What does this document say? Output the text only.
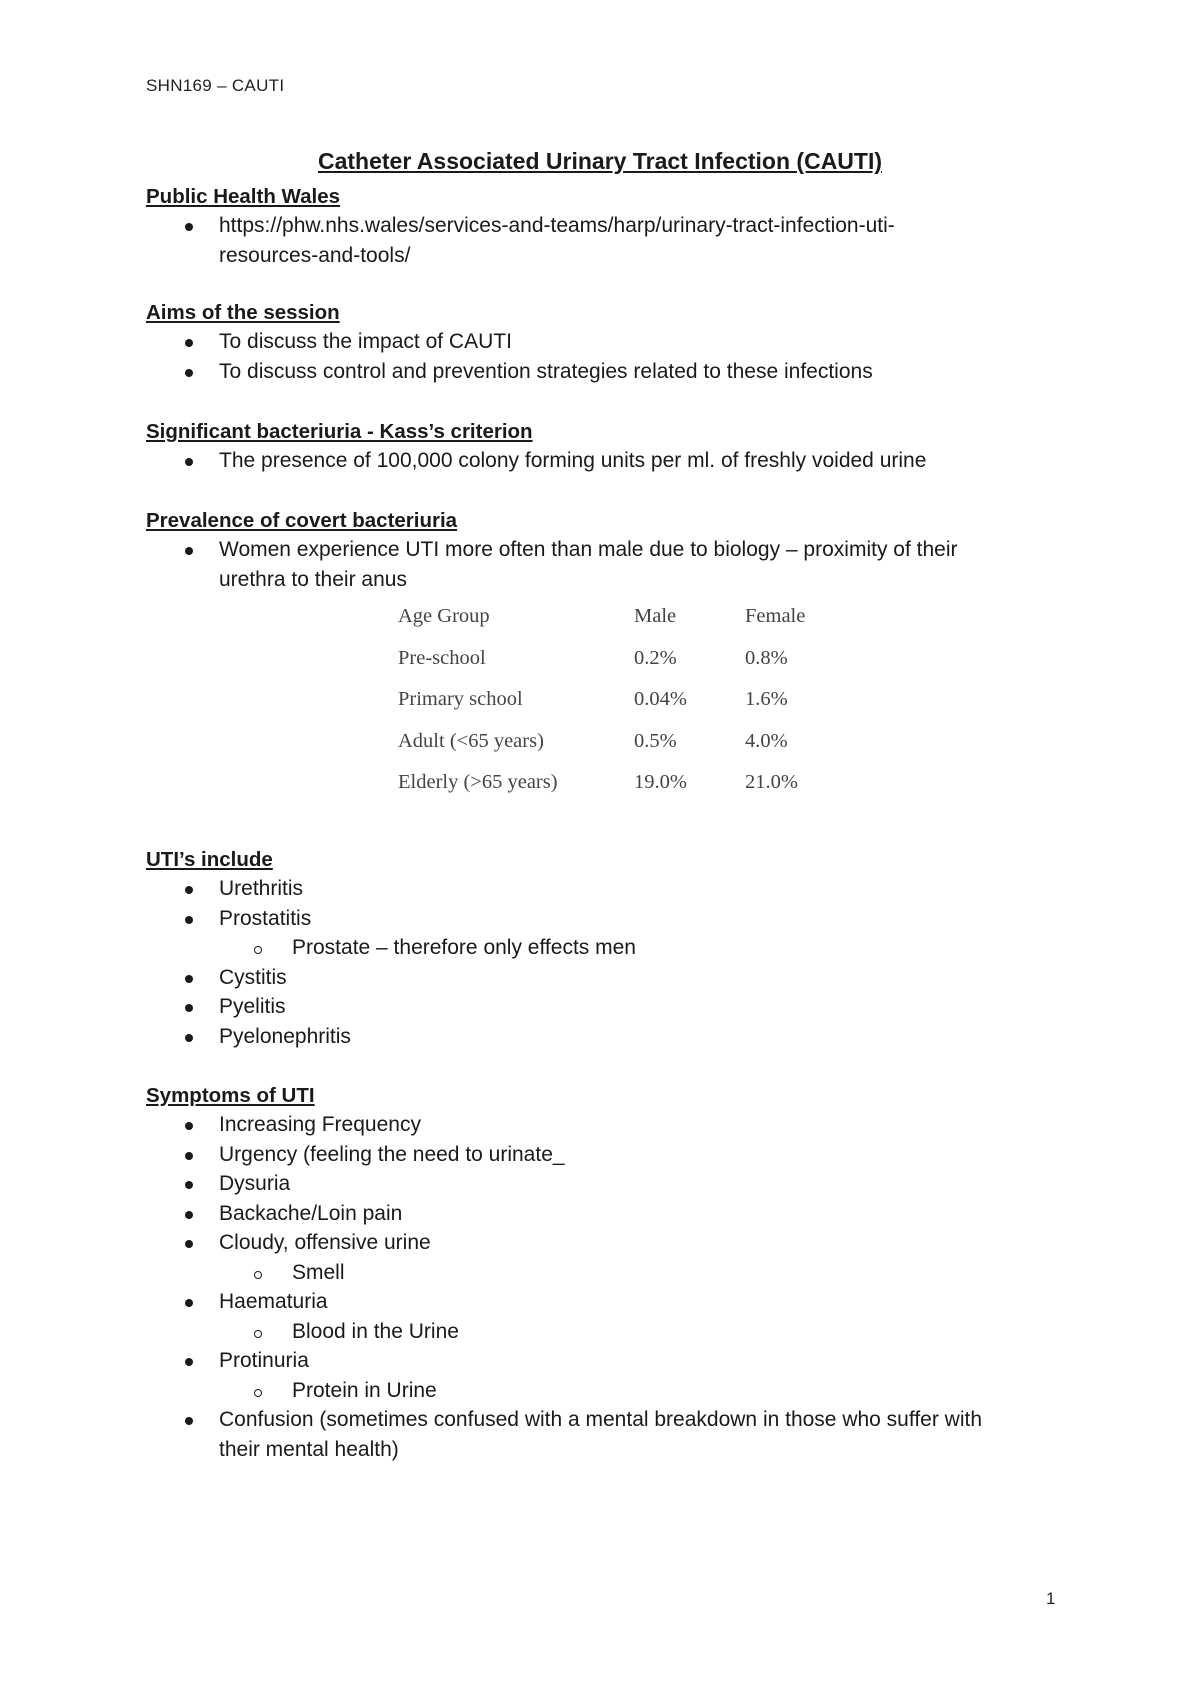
SHN169 – CAUTI
Catheter Associated Urinary Tract Infection (CAUTI)
Public Health Wales
https://phw.nhs.wales/services-and-teams/harp/urinary-tract-infection-uti-
resources-and-tools/
Aims of the session
To discuss the impact of CAUTI
To discuss control and prevention strategies related to these infections
Significant bacteriuria - Kass’s criterion
The presence of 100,000 colony forming units per ml. of freshly voided urine
Prevalence of covert bacteriuria
Women experience UTI more often than male due to biology – proximity of their
urethra to their anus
Age Group	Male	Female
Pre-school	0.2%	0.8%
Primary school	0.04%	1.6%
Adult (<65 years)	0.5%	4.0%
Elderly (>65 years)	19.0%	21.0%
UTI’s include
Urethritis
Prostatitis
Prostate – therefore only effects men
Cystitis
Pyelitis
Pyelonephritis
Symptoms of UTI
Increasing Frequency
Urgency (feeling the need to urinate_
Dysuria
Backache/Loin pain
Cloudy, offensive urine
Smell
Haematuria
Blood in the Urine
Protinuria
Protein in Urine
Confusion (sometimes confused with a mental breakdown in those who suffer with
their mental health)
1
